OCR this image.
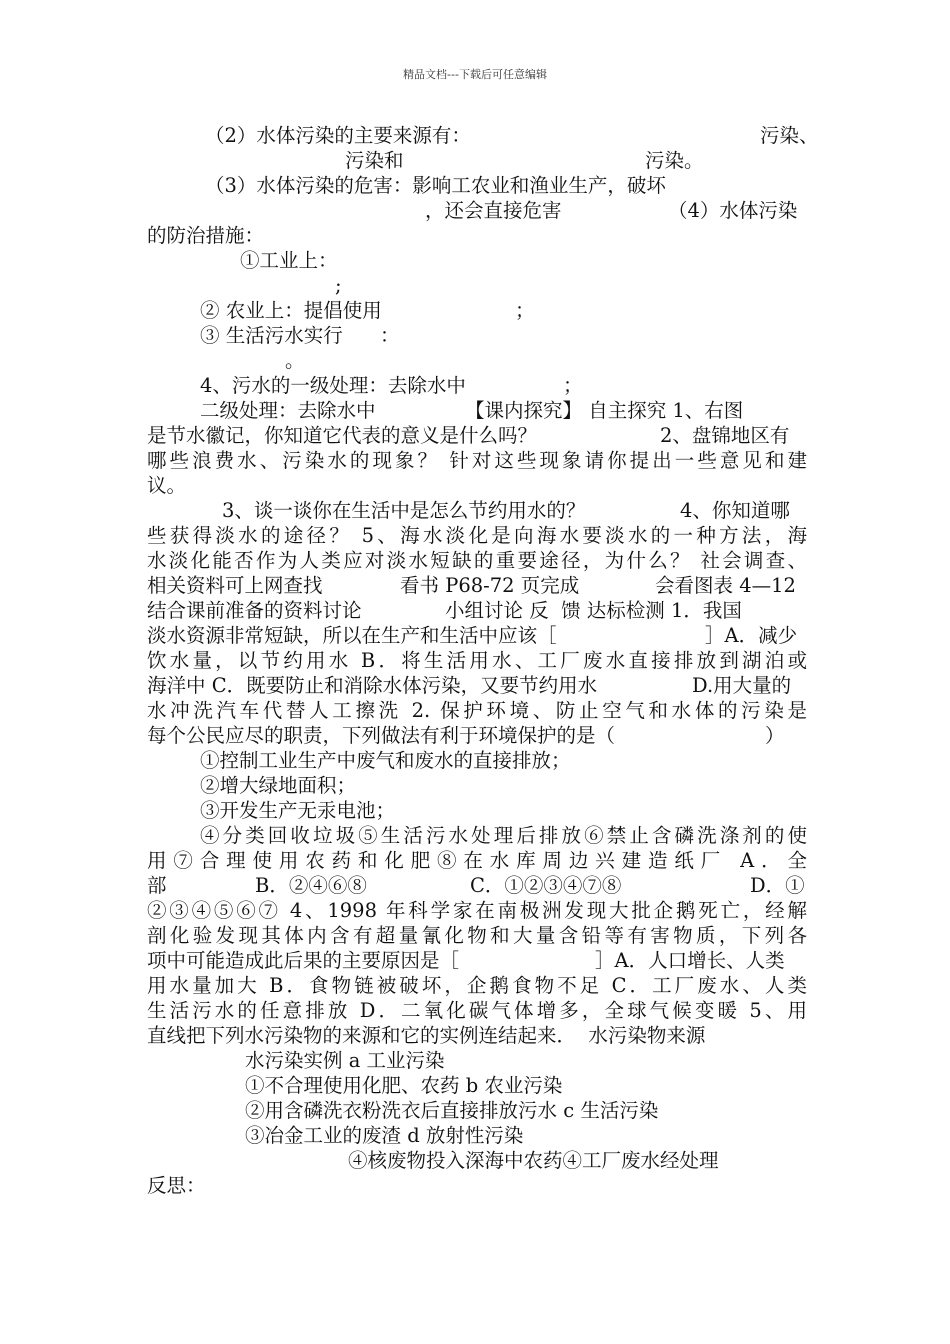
精品文档---下载后可任意编辑
（2）水体污染的主要来源有：	污染、
污染和	污染。
（3）水体污染的危害：影响工农业和渔业生产，破坏
，还会直接危害	（4）水体污染
的防治措施：
①工业上：
;
② 农业上：提倡使用	；
③ 生活污水实行 ：
。
4、污水的一级处理：去除水中	；
二级处理：去除水中	【课内探究】 自主探究 1、右图
是节水徽记，你知道它代表的意义是什么吗？	2、盘锦地区有
哪些浪费水、污染水的现象？ 针对这些现象请你提出一些意见和建
议。
3、谈一谈你在生活中是怎么节约用水的？	4、你知道哪
些获得淡水的途径？ 5、海水淡化是向海水要淡水的一种方法，海
水淡化能否作为人类应对淡水短缺的重要途径，为什么？ 社会调查、
相关资料可上网查找	看书 P68-72 页完成	会看图表 4—12
结合课前准备的资料讨论	小组讨论 反  馈 达标检测 1．我国
淡水资源非常短缺，所以在生产和生活中应该［	］A．减少
饮水量，以节约用水 B．将生活用水、工厂废水直接排放到湖泊或
海洋中 C．既要防止和消除水体污染，又要节约用水	D.用大量的
水冲洗汽车代替人工擦洗 2. 保护环境、防止空气和水体的污染是
每个公民应尽的职责，下列做法有利于环境保护的是（	）
①控制工业生产中废气和废水的直接排放；
②增大绿地面积；
③开发生产无汞电池；
④分类回收垃圾⑤生活污水处理后排放⑥禁止含磷洗涤剂的使
用⑦合理使用农药和化肥⑧在水库周边兴建造纸厂 A．全
部	B．②④⑥⑧	C．①②③④⑦⑧	D．①
②③④⑤⑥⑦ 4、1998 年科学家在南极洲发现大批企鹅死亡，经解
剖化验发现其体内含有超量氰化物和大量含铅等有害物质，下列各
项中可能造成此后果的主要原因是［	］A．人口增长、人类
用水量加大 B．食物链被破坏，企鹅食物不足 C．工厂废水、人类
生活污水的任意排放 D．二氧化碳气体增多，全球气候变暖 5、用
直线把下列水污染物的来源和它的实例连结起来．  水污染物来源
水污染实例 a 工业污染
①不合理使用化肥、农药 b 农业污染
②用含磷洗衣粉洗衣后直接排放污水 c 生活污染
③冶金工业的废渣 d 放射性污染
④核废物投入深海中农药④工厂废水经处理
反思：
